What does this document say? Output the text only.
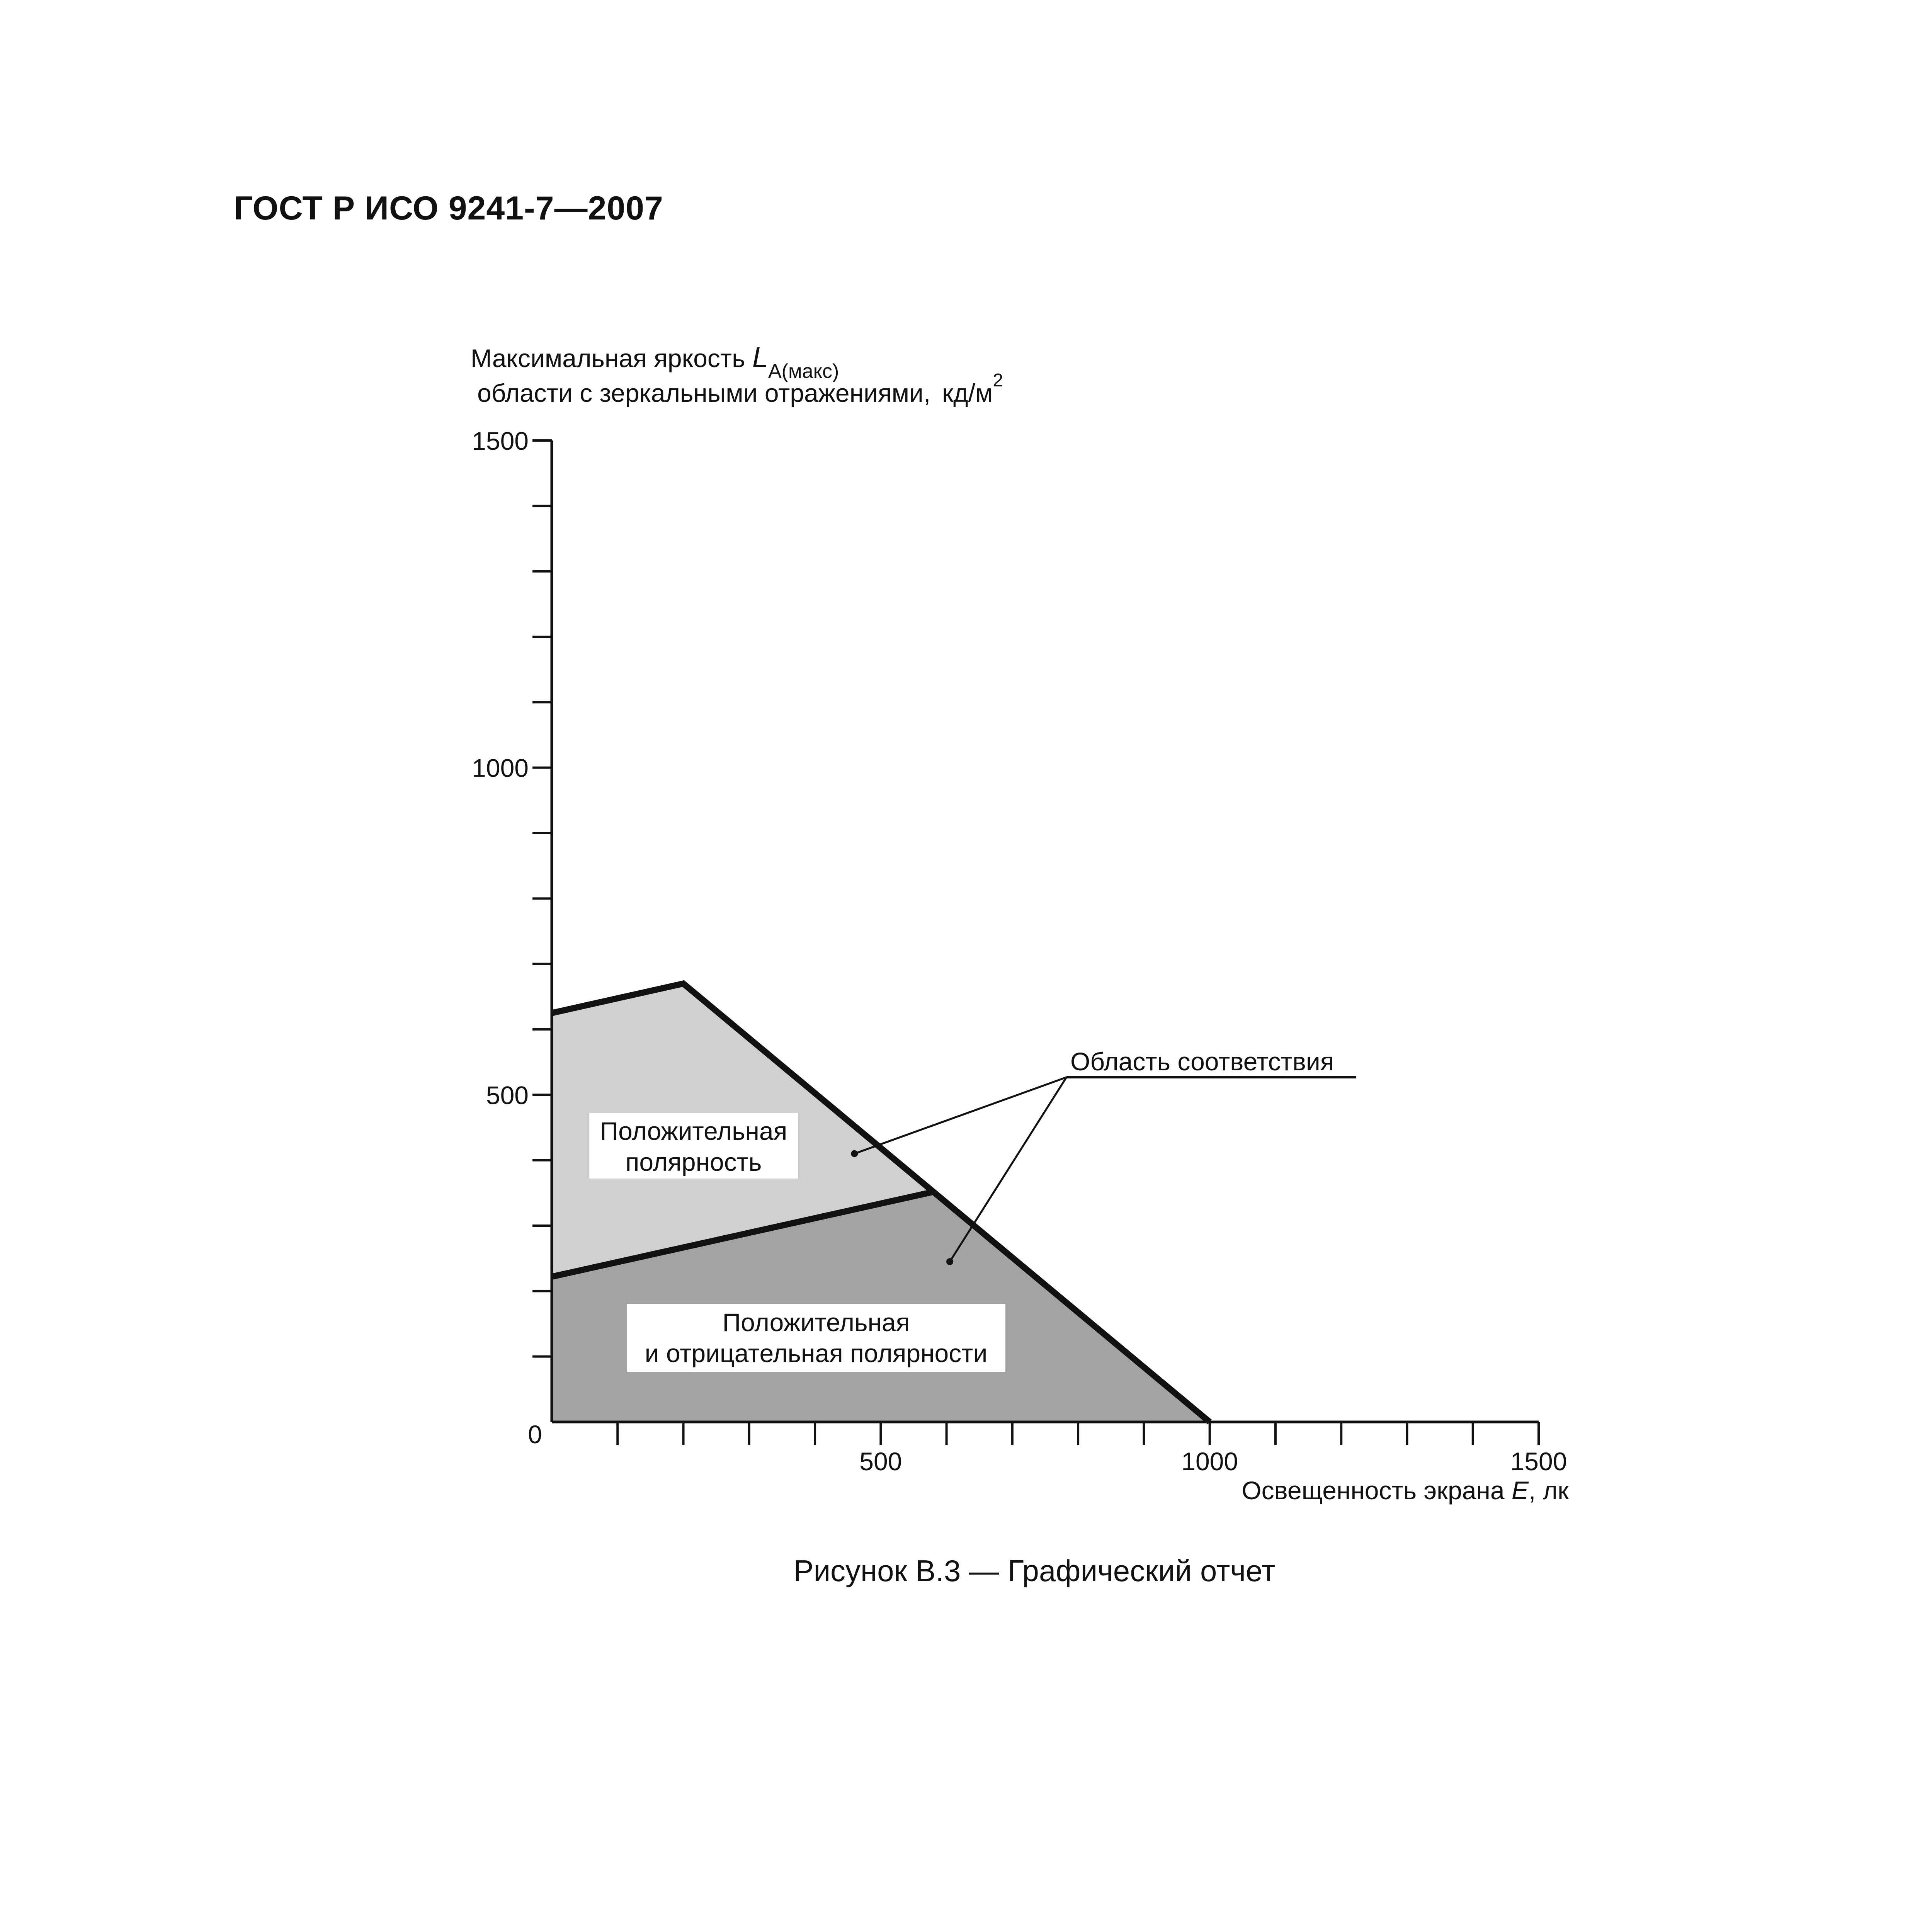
ГОСТ Р ИСО 9241-7—2007
0
500	1000	1500
1500
1000
500
Положительная
полярность
Положительная
и отрицательная полярности
Область соответствия
Максимальная яркость $L_{A(макс)}$
области с зеркальными отражениями, $кд/м^2$
Освещенность экрана E, лк
Рисунок В.3 — Графический отчет
